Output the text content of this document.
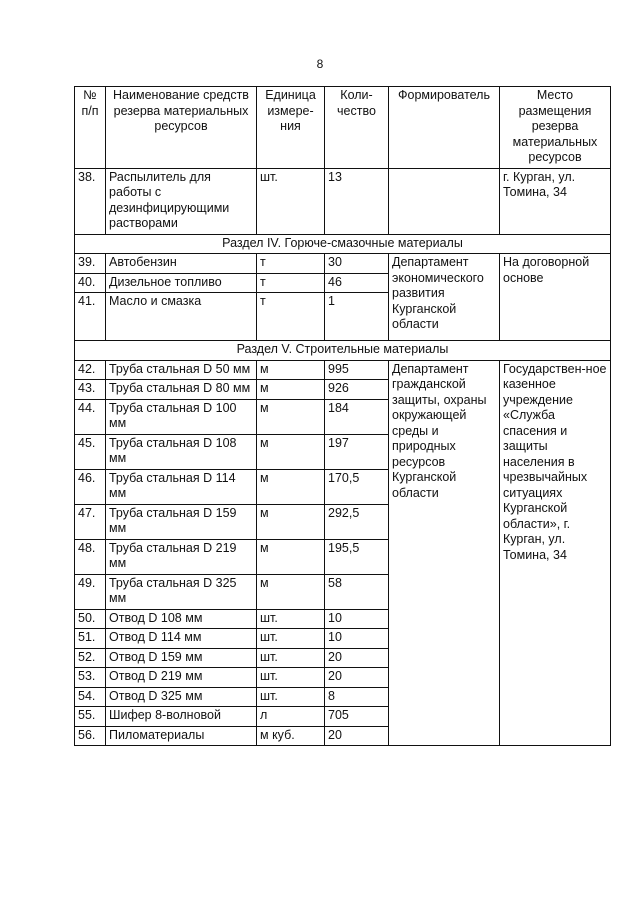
8
№ п/п	Наименование средств резерва материальных ресурсов	Единица измере-ния	Коли-чество	Формирователь	Место размещения резерва материальных ресурсов
38.	Распылитель для работы с дезинфицирующими растворами	шт.	13		г. Курган, ул. Томина, 34
Раздел IV. Горюче-смазочные материалы					
39.	Автобензин	т	30	Департамент экономического развития Курганской области	На договорной основе
40.	Дизельное топливо	т	46		
41.	Масло и смазка	т	1		
Раздел V. Строительные материалы					
42.	Труба стальная D 50 мм	м	995	Департамент гражданской защиты, охраны окружающей среды и природных ресурсов Курганской области	Государствен-ное казенное учреждение «Служба спасения и защиты населения в чрезвычайных ситуациях Курганской области», г. Курган, ул. Томина, 34
43.	Труба стальная D 80 мм	м	926		
44.	Труба стальная D 100 мм	м	184		
45.	Труба стальная D 108 мм	м	197		
46.	Труба стальная D 114 мм	м	170,5		
47.	Труба стальная D 159 мм	м	292,5		
48.	Труба стальная D 219 мм	м	195,5		
49.	Труба стальная D 325 мм	м	58		
50.	Отвод D 108 мм	шт.	10		
51.	Отвод D 114 мм	шт.	10		
52.	Отвод D 159 мм	шт.	20		
53.	Отвод D 219 мм	шт.	20		
54.	Отвод D 325 мм	шт.	8		
55.	Шифер 8-волновой	л	705		
56.	Пиломатериалы	м куб.	20		
